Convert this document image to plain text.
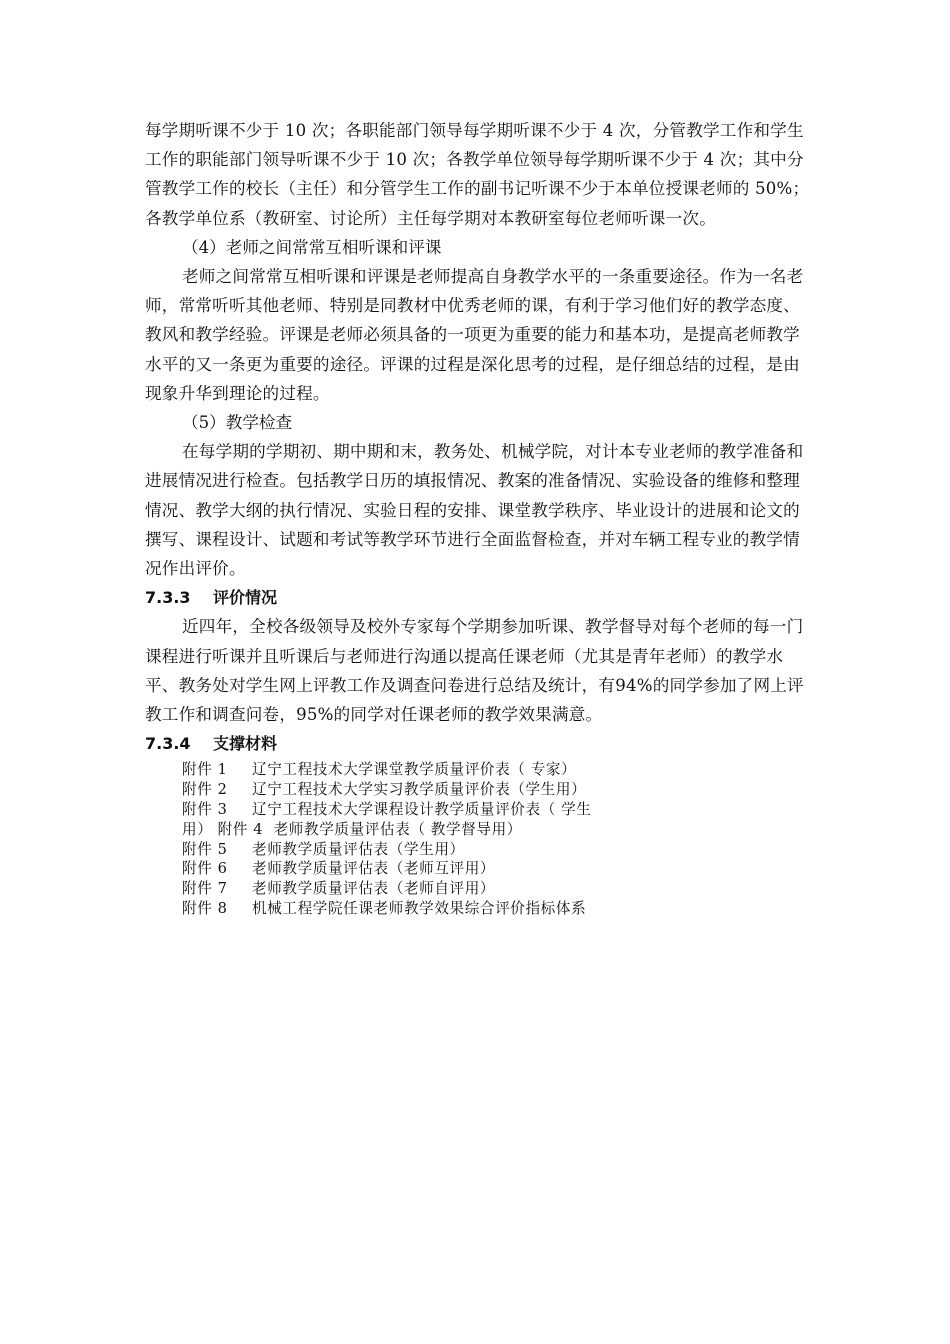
每学期听课不少于 10 次；各职能部门领导每学期听课不少于 4 次，分管教学工作和学生工作的职能部门领导听课不少于 10 次；各教学单位领导每学期听课不少于 4 次；其中分管教学工作的校长（主任）和分管学生工作的副书记听课不少于本单位授课老师的 50%；各教学单位系（教研室、讨论所）主任每学期对本教研室每位老师听课一次。

（4）老师之间常常互相听课和评课

老师之间常常互相听课和评课是老师提高自身教学水平的一条重要途径。作为一名老师，常常听听其他老师、特别是同教材中优秀老师的课，有利于学习他们好的教学态度、教风和教学经验。评课是老师必须具备的一项更为重要的能力和基本功，是提高老师教学水平的又一条更为重要的途径。评课的过程是深化思考的过程，是仔细总结的过程，是由现象升华到理论的过程。

（5）教学检查

在每学期的学期初、期中期和末，教务处、机械学院，对计本专业老师的教学准备和进展情况进行检查。包括教学日历的填报情况、教案的准备情况、实验设备的维修和整理情况、教学大纲的执行情况、实验日程的安排、课堂教学秩序、毕业设计的进展和论文的撰写、课程设计、试题和考试等教学环节进行全面监督检查，并对车辆工程专业的教学情况作出评价。

7.3.3 评价情况

近四年，全校各级领导及校外专家每个学期参加听课、教学督导对每个老师的每一门课程进行听课并且听课后与老师进行沟通以提高任课老师（尤其是青年老师）的教学水平、教务处对学生网上评教工作及调查问卷进行总结及统计，有94%的同学参加了网上评教工作和调查问卷，95%的同学对任课老师的教学效果满意。

7.3.4 支撑材料
附件 1 辽宁工程技术大学课堂教学质量评价表（ 专家）
附件 2 辽宁工程技术大学实习教学质量评价表（学生用）
附件 3 辽宁工程技术大学课程设计教学质量评价表（ 学生
用） 附件 4  老师教学质量评估表（ 教学督导用）
附件 5 老师教学质量评估表（学生用）
附件 6 老师教学质量评估表（老师互评用）
附件 7 老师教学质量评估表（老师自评用）
附件 8 机械工程学院任课老师教学效果综合评价指标体系
